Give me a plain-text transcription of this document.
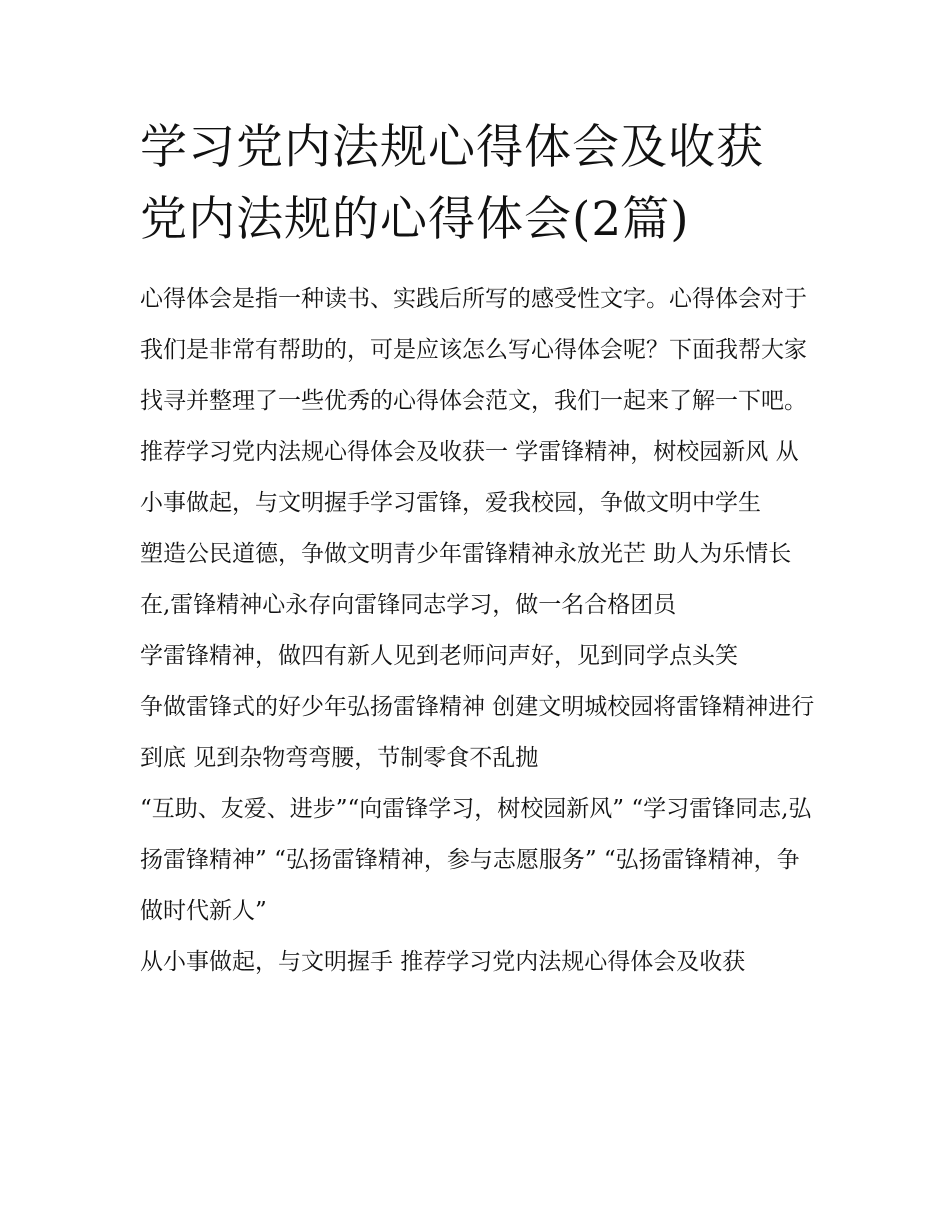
学习党内法规心得体会及收获
党内法规的心得体会(2篇)

心得体会是指一种读书、实践后所写的感受性文字。心得体会对于我们是非常有帮助的，可是应该怎么写心得体会呢？下面我帮大家找寻并整理了一些优秀的心得体会范文，我们一起来了解一下吧。

推荐学习党内法规心得体会及收获一 学雷锋精神，树校园新风 从小事做起，与文明握手学习雷锋，爱我校园，争做文明中学生

塑造公民道德，争做文明青少年雷锋精神永放光芒 助人为乐情长在,雷锋精神心永存向雷锋同志学习，做一名合格团员

学雷锋精神，做四有新人见到老师问声好，见到同学点头笑

争做雷锋式的好少年弘扬雷锋精神 创建文明城校园将雷锋精神进行到底 见到杂物弯弯腰，节制零食不乱抛

“互助、友爱、进步”“向雷锋学习，树校园新风” “学习雷锋同志,弘扬雷锋精神” “弘扬雷锋精神，参与志愿服务” “弘扬雷锋精神，争做时代新人”

从小事做起，与文明握手 推荐学习党内法规心得体会及收获
